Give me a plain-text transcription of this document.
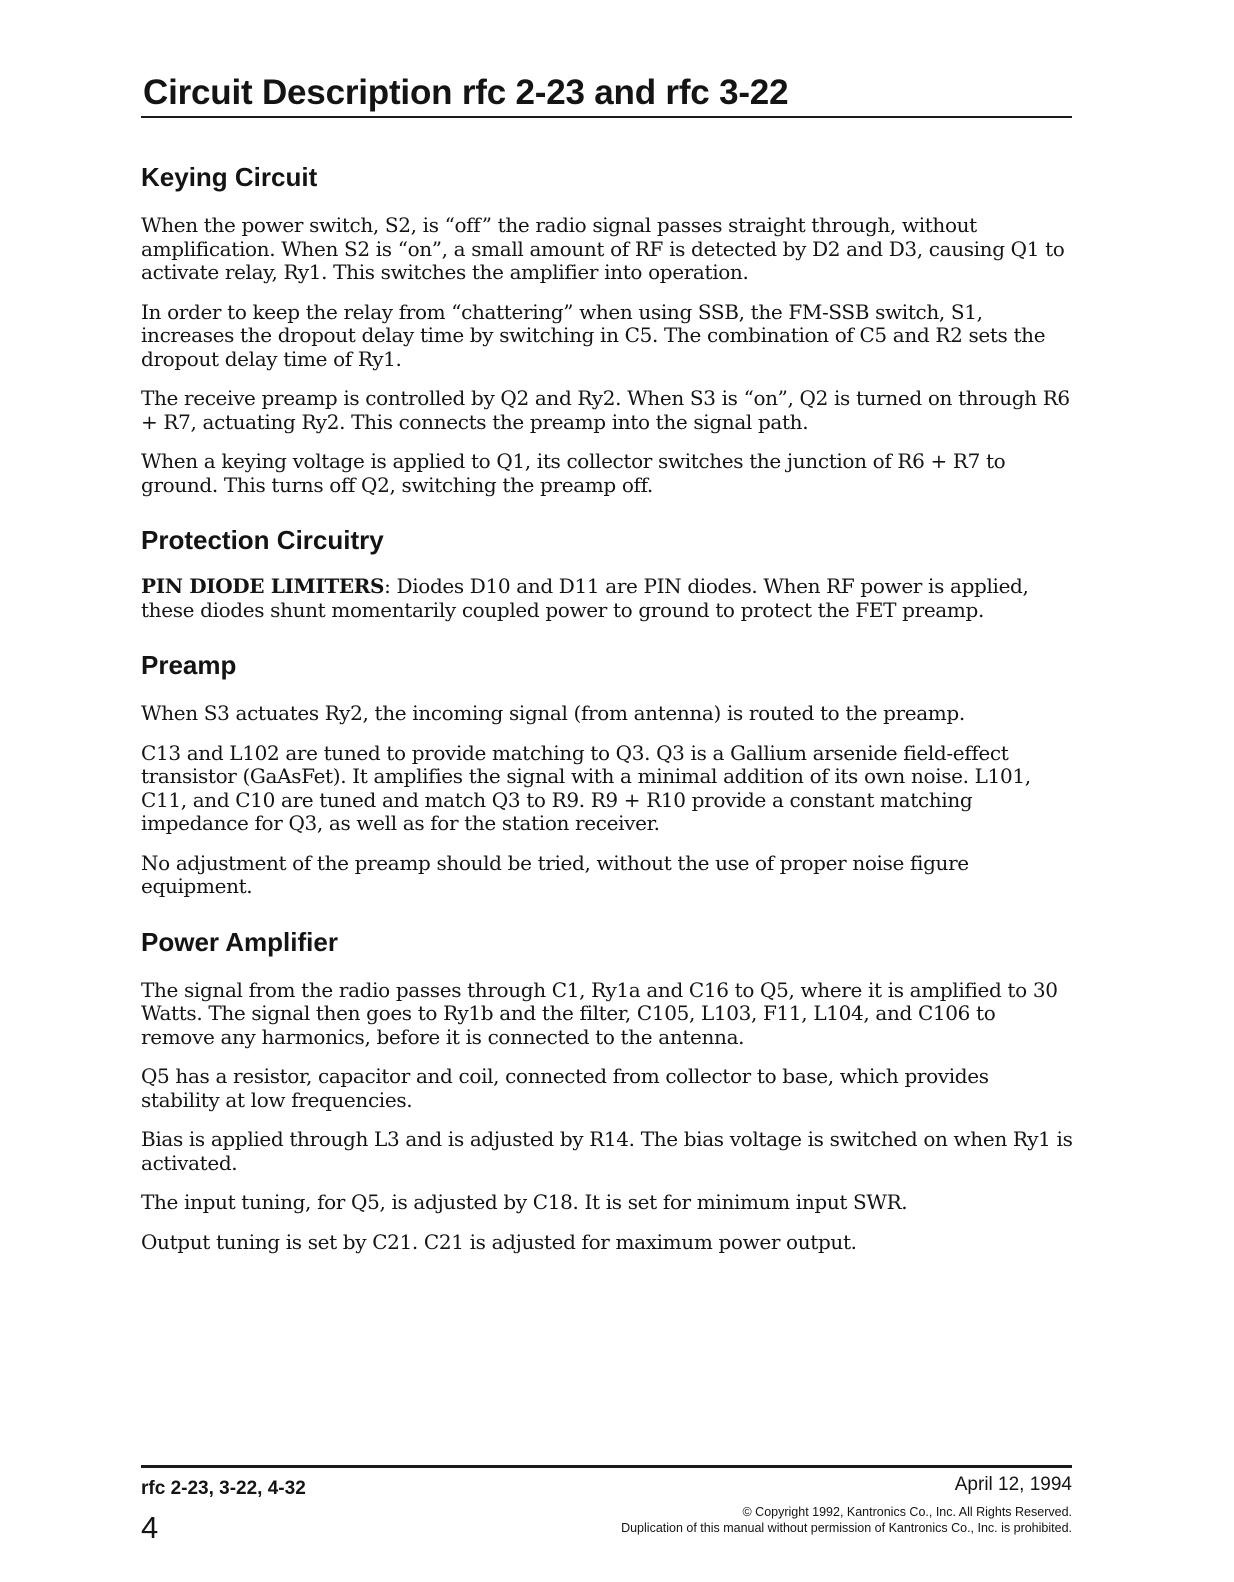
Circuit Description rfc 2-23 and rfc 3-22
Keying Circuit

When the power switch, S2, is “off” the radio signal passes straight through, without amplification. When S2 is “on”, a small amount of RF is detected by D2 and D3, causing Q1 to activate relay, Ry1. This switches the amplifier into operation.

In order to keep the relay from “chattering” when using SSB, the FM-SSB switch, S1, increases the dropout delay time by switching in C5. The combination of C5 and R2 sets the dropout delay time of Ry1.

The receive preamp is controlled by Q2 and Ry2. When S3 is “on”, Q2 is turned on through R6 + R7, actuating Ry2. This connects the preamp into the signal path.

When a keying voltage is applied to Q1, its collector switches the junction of R6 + R7 to ground. This turns off Q2, switching the preamp off.

Protection Circuitry

PIN DIODE LIMITERS: Diodes D10 and D11 are PIN diodes. When RF power is applied, these diodes shunt momentarily coupled power to ground to protect the FET preamp.

Preamp

When S3 actuates Ry2, the incoming signal (from antenna) is routed to the preamp.

C13 and L102 are tuned to provide matching to Q3. Q3 is a Gallium arsenide field-effect transistor (GaAsFet). It amplifies the signal with a minimal addition of its own noise. L101, C11, and C10 are tuned and match Q3 to R9. R9 + R10 provide a constant matching impedance for Q3, as well as for the station receiver.

No adjustment of the preamp should be tried, without the use of proper noise figure equipment.

Power Amplifier

The signal from the radio passes through C1, Ry1a and C16 to Q5, where it is amplified to 30 Watts. The signal then goes to Ry1b and the filter, C105, L103, F11, L104, and C106 to remove any harmonics, before it is connected to the antenna.

Q5 has a resistor, capacitor and coil, connected from collector to base, which provides stability at low frequencies.

Bias is applied through L3 and is adjusted by R14. The bias voltage is switched on when Ry1 is activated.

The input tuning, for Q5, is adjusted by C18. It is set for minimum input SWR.

Output tuning is set by C21. C21 is adjusted for maximum power output.

rfc 2-23, 3-22, 4-32
4
April 12, 1994
© Copyright 1992, Kantronics Co., Inc. All Rights Reserved.
Duplication of this manual without permission of Kantronics Co., Inc. is prohibited.
